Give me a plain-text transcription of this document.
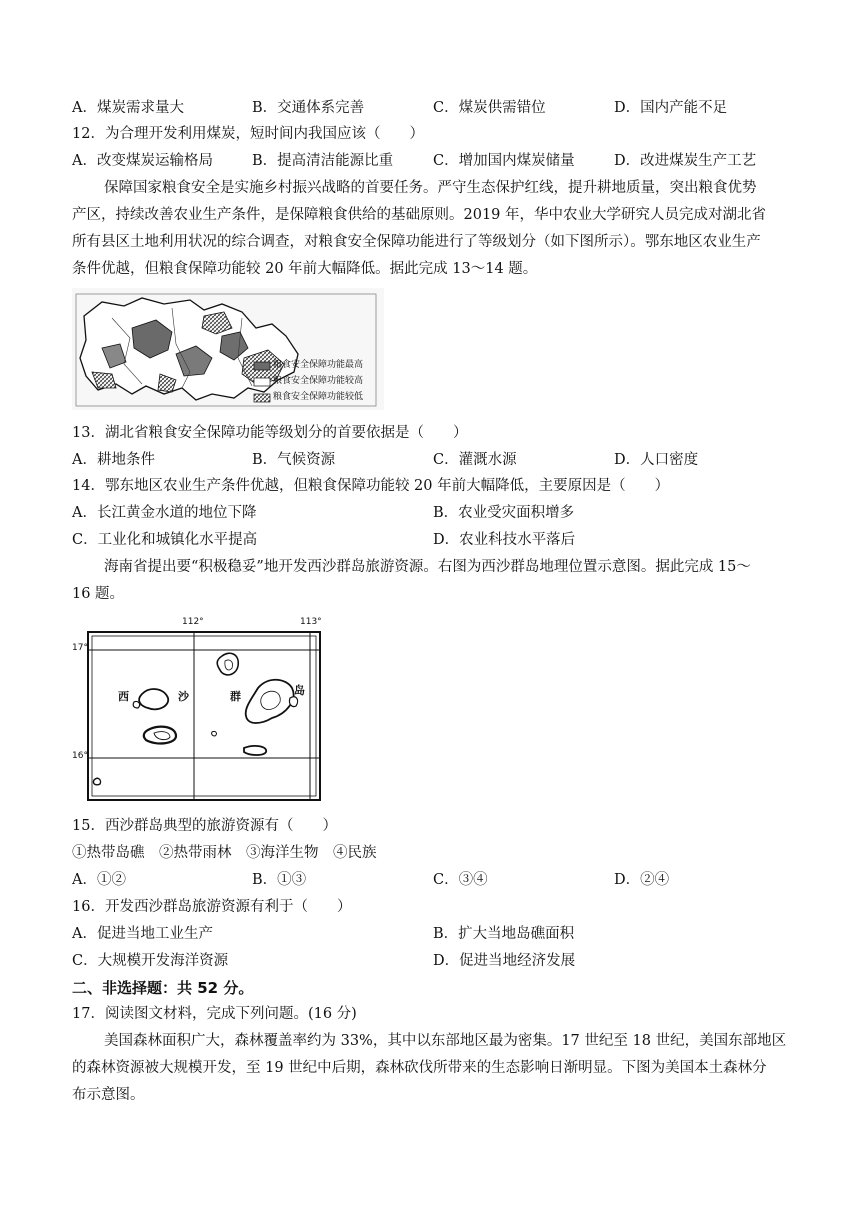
A．煤炭需求量大	B．交通体系完善	C．煤炭供需错位	D．国内产能不足
12．为合理开发利用煤炭，短时间内我国应该（　　）
A．改变煤炭运输格局	B．提高清洁能源比重	C．增加国内煤炭储量	D．改进煤炭生产工艺
保障国家粮食安全是实施乡村振兴战略的首要任务。严守生态保护红线，提升耕地质量，突出粮食优势
产区，持续改善农业生产条件，是保障粮食供给的基础原则。2019 年，华中农业大学研究人员完成对湖北省
所有县区土地利用状况的综合调查，对粮食安全保障功能进行了等级划分（如下图所示）。鄂东地区农业生产
条件优越，但粮食保障功能较 20 年前大幅降低。据此完成 13～14 题。
粮食安全保障功能最高
粮食安全保障功能较高
粮食安全保障功能较低
13．湖北省粮食安全保障功能等级划分的首要依据是（　　）
A．耕地条件	B．气候资源	C．灌溉水源	D．人口密度
14．鄂东地区农业生产条件优越，但粮食保障功能较 20 年前大幅降低，主要原因是（　　）
A．长江黄金水道的地位下降	B．农业受灾面积增多
C．工业化和城镇化水平提高	D．农业科技水平落后
海南省提出要“积极稳妥”地开发西沙群岛旅游资源。右图为西沙群岛地理位置示意图。据此完成 15～
16 题。
112°	113°
17°
16°
西	沙	群	岛
15．西沙群岛典型的旅游资源有（　　）
①热带岛礁　②热带雨林　③海洋生物　④民族
A．①②	B．①③	C．③④	D．②④
16．开发西沙群岛旅游资源有利于（　　）
A．促进当地工业生产	B．扩大当地岛礁面积
C．大规模开发海洋资源	D．促进当地经济发展
二、非选择题：共 52 分。
17．阅读图文材料，完成下列问题。(16 分)
美国森林面积广大，森林覆盖率约为 33%，其中以东部地区最为密集。17 世纪至 18 世纪，美国东部地区
的森林资源被大规模开发，至 19 世纪中后期，森林砍伐所带来的生态影响日渐明显。下图为美国本土森林分
布示意图。
